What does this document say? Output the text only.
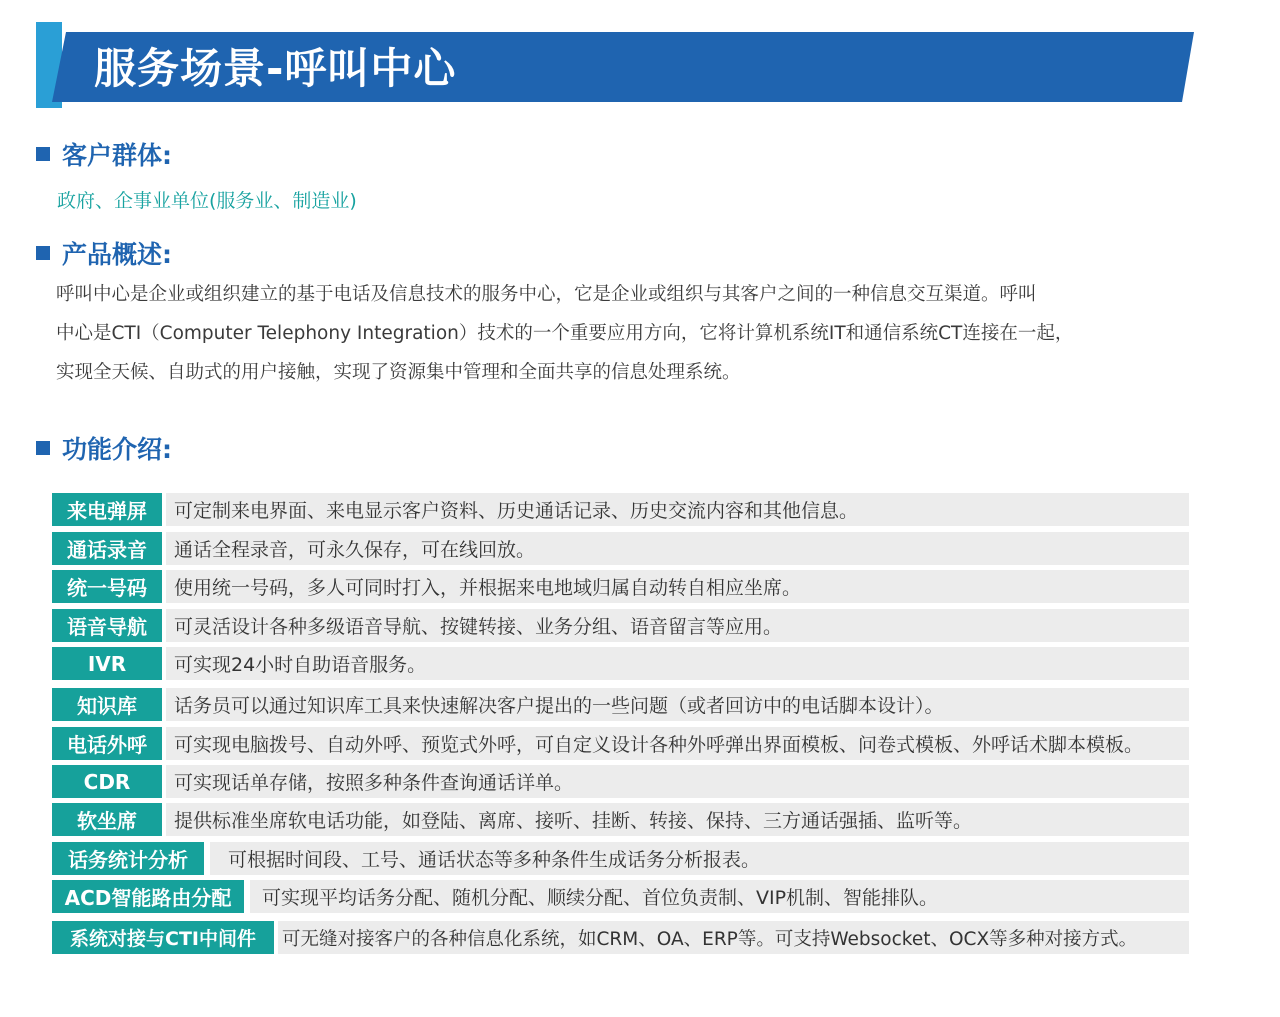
服务场景-呼叫中心
客户群体:
政府、企事业单位(服务业、制造业)
产品概述:
呼叫中心是企业或组织建立的基于电话及信息技术的服务中心，它是企业或组织与其客户之间的一种信息交互渠道。呼叫
中心是CTI（Computer Telephony Integration）技术的一个重要应用方向，它将计算机系统IT和通信系统CT连接在一起，
实现全天候、自助式的用户接触，实现了资源集中管理和全面共享的信息处理系统。
功能介绍:
来电弹屏	可定制来电界面、来电显示客户资料、历史通话记录、历史交流内容和其他信息。
通话录音	通话全程录音，可永久保存，可在线回放。
统一号码	使用统一号码，多人可同时打入，并根据来电地域归属自动转自相应坐席。
语音导航	可灵活设计各种多级语音导航、按键转接、业务分组、语音留言等应用。
IVR	可实现24小时自助语音服务。
知识库	话务员可以通过知识库工具来快速解决客户提出的一些问题（或者回访中的电话脚本设计）。
电话外呼	可实现电脑拨号、自动外呼、预览式外呼，可自定义设计各种外呼弹出界面模板、问卷式模板、外呼话术脚本模板。
CDR	可实现话单存储，按照多种条件查询通话详单。
软坐席	提供标准坐席软电话功能，如登陆、离席、接听、挂断、转接、保持、三方通话强插、监听等。
话务统计分析	可根据时间段、工号、通话状态等多种条件生成话务分析报表。
ACD智能路由分配	可实现平均话务分配、随机分配、顺续分配、首位负责制、VIP机制、智能排队。
系统对接与CTI中间件	可无缝对接客户的各种信息化系统，如CRM、OA、ERP等。可支持Websocket、OCX等多种对接方式。
